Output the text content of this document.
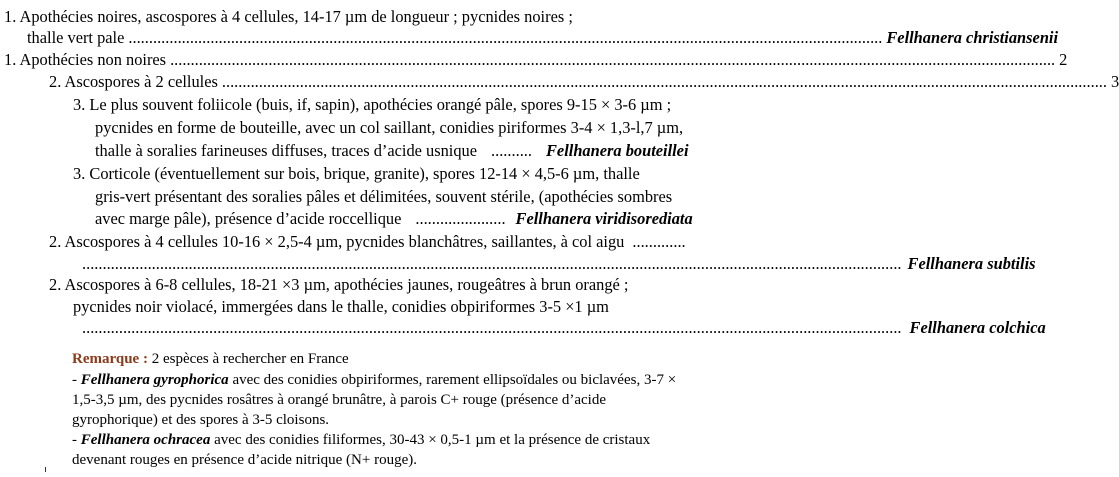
1. Apothécies noires, ascospores à 4 cellules, 14-17 µm de longueur ; pycnides noires ;
thalle vert pale ........................................................................................................................................................................................ Fellhanera christiansenii
1. Apothécies non noires ........................................................................................................................................................................................................................ 2
2. Ascospores à 2 cellules ........................................................................................................................................................................................................................ 3
3. Le plus souvent foliicole (buis, if, sapin), apothécies orangé pâle, spores 9-15 × 3-6 µm ;
pycnides en forme de bouteille, avec un col saillant, conidies piriformes 3-4 × 1,3-l,7 µm,
thalle à soralies farineuses diffuses, traces d’acide usnique .......... Fellhanera bouteillei
3. Corticole (éventuellement sur bois, brique, granite), spores 12-14 × 4,5-6 µm, thalle
gris-vert présentant des soralies pâles et délimitées, souvent stérile, (apothécies sombres
avec marge pâle), présence d’acide roccellique ...................... Fellhanera viridisorediata
2. Ascospores à 4 cellules 10-16 × 2,5-4 µm, pycnides blanchâtres, saillantes, à col aigu .............
........................................................................................................................................................................................................ Fellhanera subtilis
2. Ascospores à 6-8 cellules, 18-21 ×3 µm, apothécies jaunes, rougeâtres à brun orangé ;
pycnides noir violacé, immergées dans le thalle, conidies obpiriformes 3-5 ×1 µm
........................................................................................................................................................................................................ Fellhanera colchica
Remarque : 2 espèces à rechercher en France
- Fellhanera gyrophorica avec des conidies obpiriformes, rarement ellipsoïdales ou biclavées, 3-7 ×
1,5-3,5 µm, des pycnides rosâtres à orangé brunâtre, à parois C+ rouge (présence d’acide
gyrophorique) et des spores à 3-5 cloisons.
- Fellhanera ochracea avec des conidies filiformes, 30-43 × 0,5-1 µm et la présence de cristaux
devenant rouges en présence d’acide nitrique (N+ rouge).
